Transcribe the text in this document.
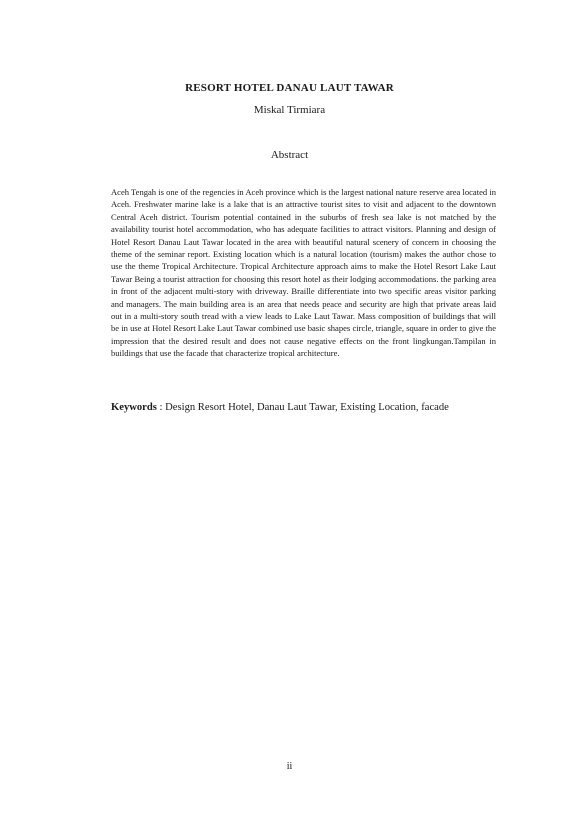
RESORT HOTEL DANAU LAUT TAWAR
Miskal Tirmiara
Abstract

Aceh Tengah is one of the regencies in Aceh province which is the largest national nature reserve area located in Aceh. Freshwater marine lake is a lake that is an attractive tourist sites to visit and adjacent to the downtown Central Aceh district. Tourism potential contained in the suburbs of fresh sea lake is not matched by the availability tourist hotel accommodation, who has adequate facilities to attract visitors. Planning and design of Hotel Resort Danau Laut Tawar located in the area with beautiful natural scenery of concern in choosing the theme of the seminar report. Existing location which is a natural location (tourism) makes the author chose to use the theme Tropical Architecture. Tropical Architecture approach aims to make the Hotel Resort Lake Laut Tawar Being a tourist attraction for choosing this resort hotel as their lodging accommodations. the parking area in front of the adjacent multi-story with driveway. Braille differentiate into two specific areas visitor parking and managers. The main building area is an area that needs peace and security are high that private areas laid out in a multi-story south tread with a view leads to Lake Laut Tawar. Mass composition of buildings that will be in use at Hotel Resort Lake Laut Tawar combined use basic shapes circle, triangle, square in order to give the impression that the desired result and does not cause negative effects on the front lingkungan.Tampilan in buildings that use the facade that characterize tropical architecture.

Keywords : Design Resort Hotel, Danau Laut Tawar, Existing Location, facade

ii
